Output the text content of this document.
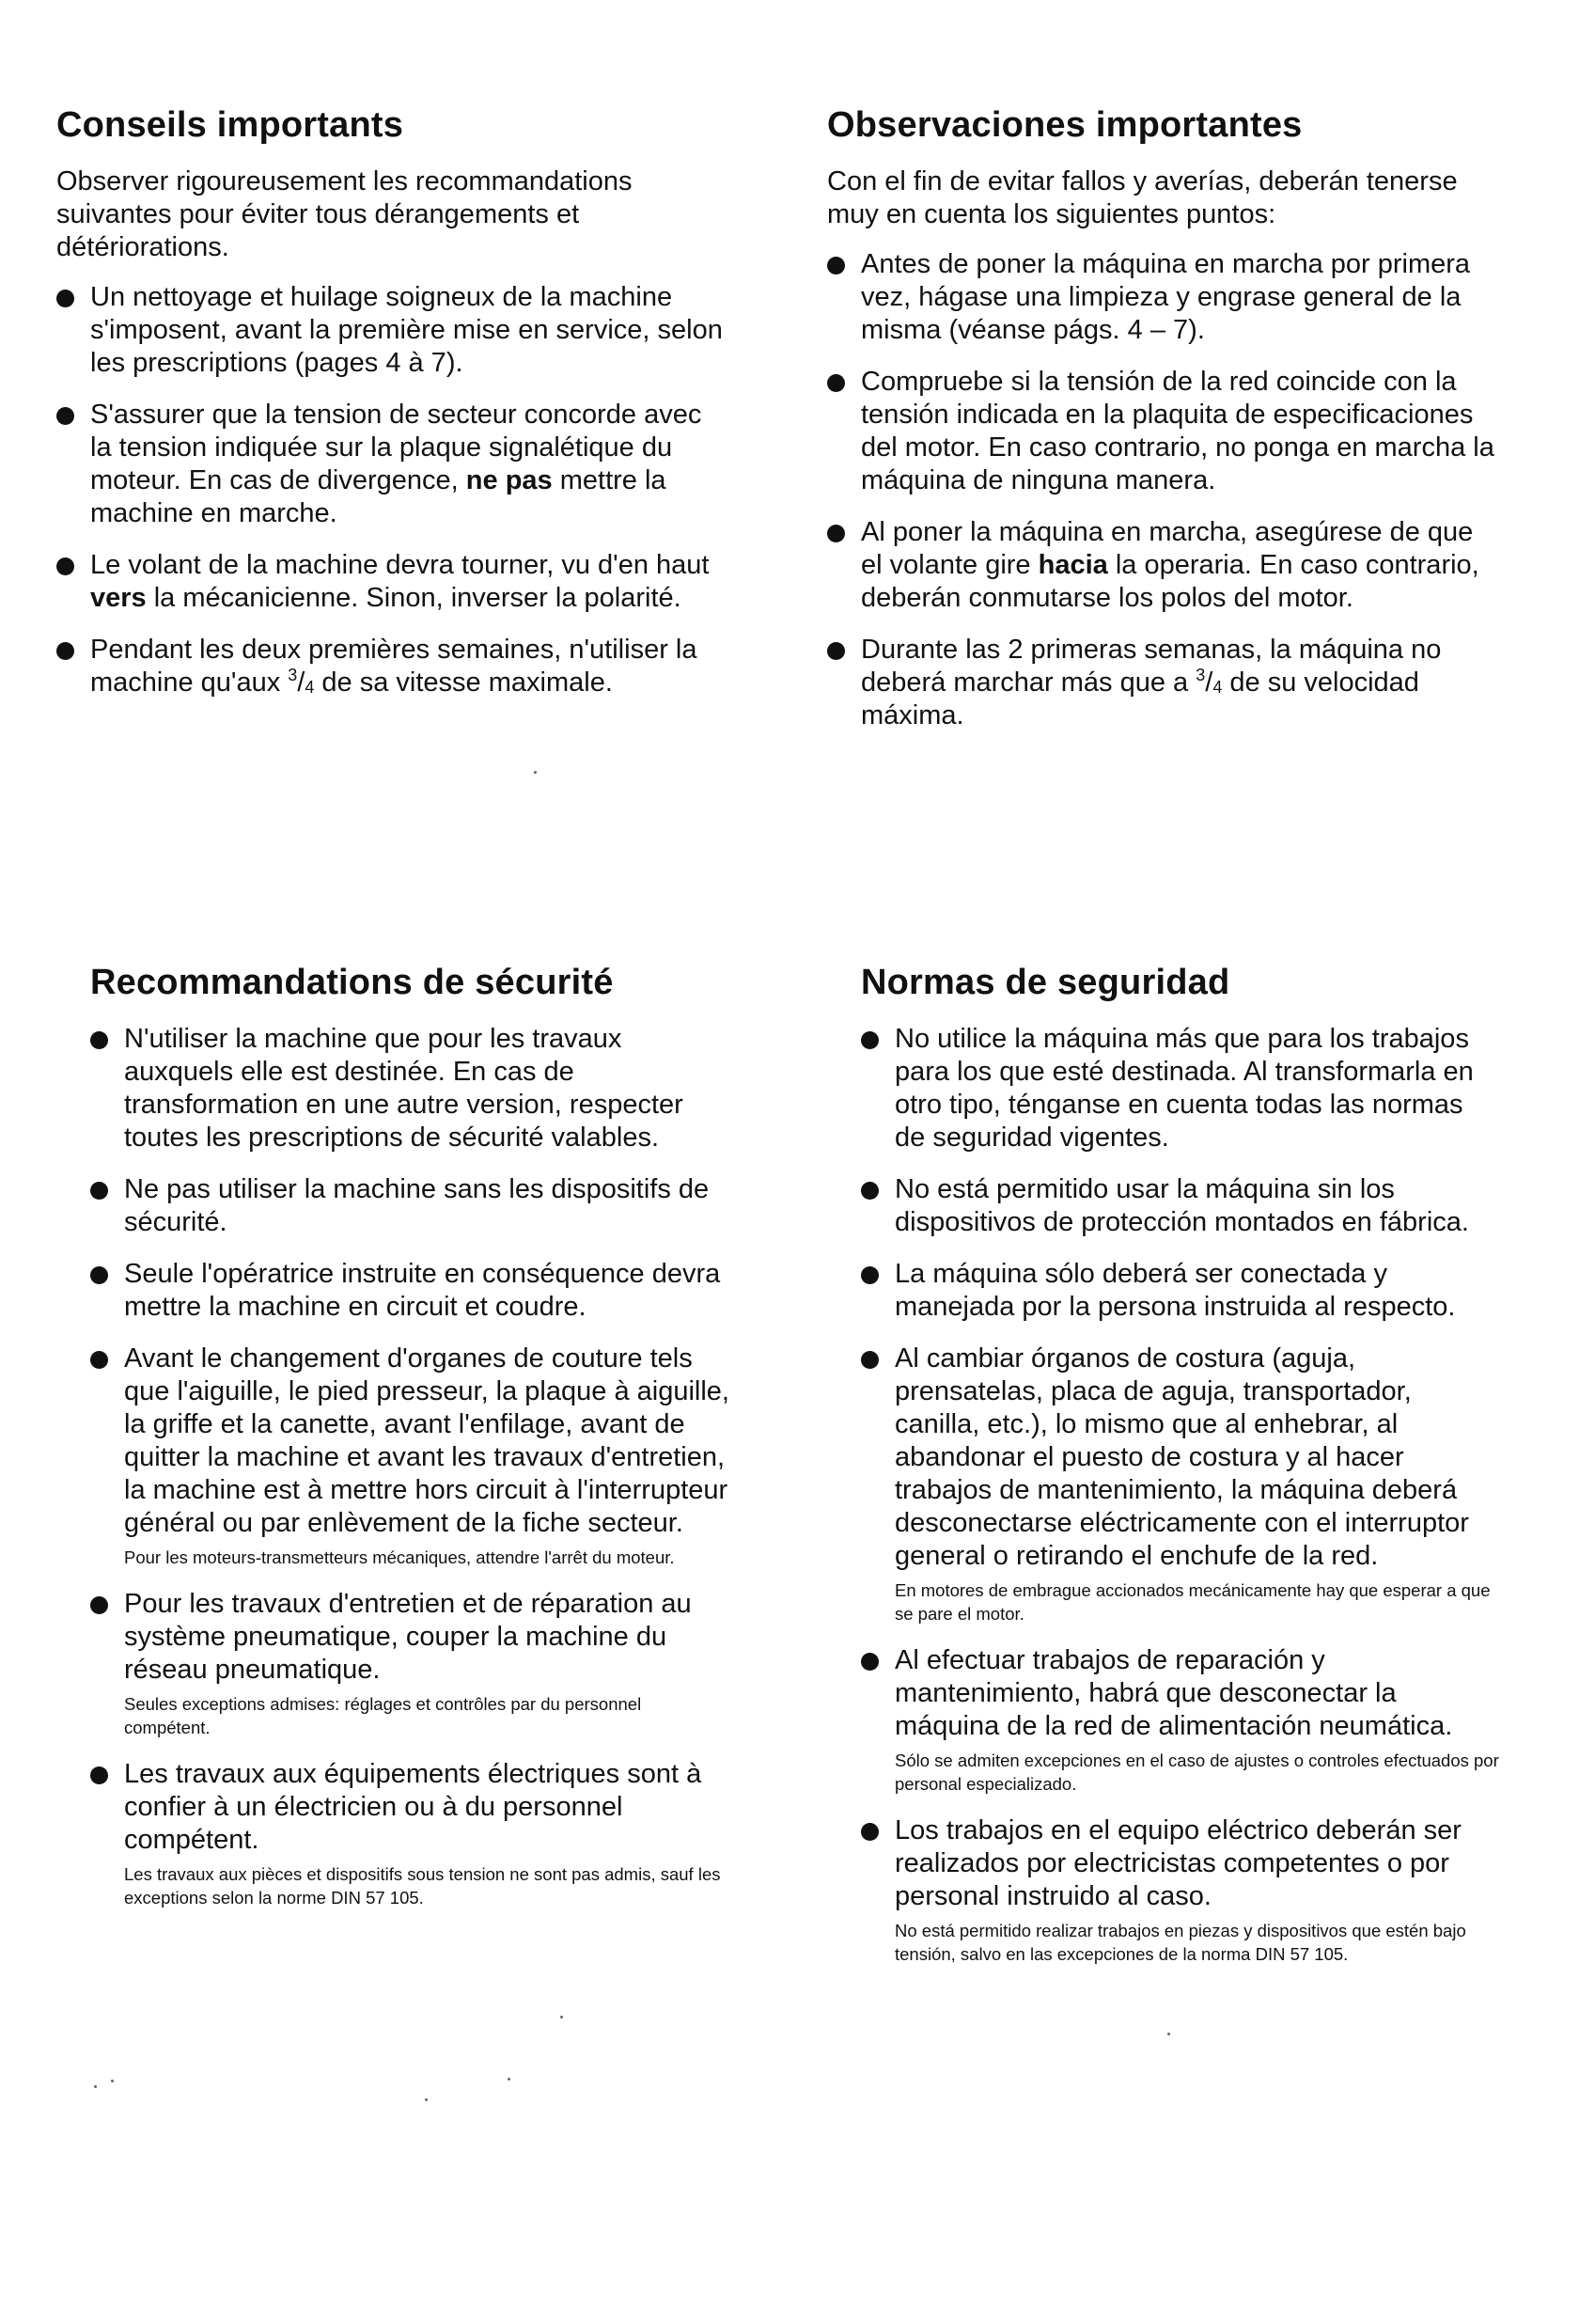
Conseils importants

Observer rigoureusement les recommandations suivantes pour éviter tous dérangements et détériorations.

Un nettoyage et huilage soigneux de la machine s'imposent, avant la première mise en service, selon les prescriptions (pages 4 à 7).
S'assurer que la tension de secteur concorde avec la tension indiquée sur la plaque signalétique du moteur. En cas de divergence, ne pas mettre la machine en marche.
Le volant de la machine devra tourner, vu d'en haut vers la mécanicienne. Sinon, inverser la polarité.
Pendant les deux premières semaines, n'utiliser la machine qu'aux $^3/_4$ de sa vitesse maximale.
Observaciones importantes

Con el fin de evitar fallos y averías, deberán tenerse muy en cuenta los siguientes puntos:

Antes de poner la máquina en marcha por primera vez, hágase una limpieza y engrase general de la misma (véanse págs. 4 – 7).
Compruebe si la tensión de la red coincide con la tensión indicada en la plaquita de especificaciones del motor. En caso contrario, no ponga en marcha la máquina de ninguna manera.
Al poner la máquina en marcha, asegúrese de que el volante gire hacia la operaria. En caso contrario, deberán conmutarse los polos del motor.
Durante las 2 primeras semanas, la máquina no deberá marchar más que a $^3/_4$ de su velocidad máxima.
Recommandations de sécurité
N'utiliser la machine que pour les travaux auxquels elle est destinée. En cas de transformation en une autre version, respecter toutes les prescriptions de sécurité valables.
Ne pas utiliser la machine sans les dispositifs de sécurité.
Seule l'opératrice instruite en conséquence devra mettre la machine en circuit et coudre.
Avant le changement d'organes de couture tels que l'aiguille, le pied presseur, la plaque à aiguille, la griffe et la canette, avant l'enfilage, avant de quitter la machine et avant les travaux d'entretien, la machine est à mettre hors circuit à l'interrupteur général ou par enlèvement de la fiche secteur.
Pour les moteurs-transmetteurs mécaniques, attendre l'arrêt du moteur.
Pour les travaux d'entretien et de réparation au système pneumatique, couper la machine du réseau pneumatique.
Seules exceptions admises: réglages et contrôles par du personnel compétent.
Les travaux aux équipements électriques sont à confier à un électricien ou à du personnel compétent.
Les travaux aux pièces et dispositifs sous tension ne sont pas admis, sauf les exceptions selon la norme DIN 57 105.
Normas de seguridad
No utilice la máquina más que para los trabajos para los que esté destinada. Al transformarla en otro tipo, ténganse en cuenta todas las normas de seguridad vigentes.
No está permitido usar la máquina sin los dispositivos de protección montados en fábrica.
La máquina sólo deberá ser conectada y manejada por la persona instruida al respecto.
Al cambiar órganos de costura (aguja, prensatelas, placa de aguja, transportador, canilla, etc.), lo mismo que al enhebrar, al abandonar el puesto de costura y al hacer trabajos de mantenimiento, la máquina deberá desconectarse eléctricamente con el interruptor general o retirando el enchufe de la red.
En motores de embrague accionados mecánicamente hay que esperar a que se pare el motor.
Al efectuar trabajos de reparación y mantenimiento, habrá que desconectar la máquina de la red de alimentación neumática.
Sólo se admiten excepciones en el caso de ajustes o controles efectuados por personal especializado.
Los trabajos en el equipo eléctrico deberán ser realizados por electricistas competentes o por personal instruido al caso.
No está permitido realizar trabajos en piezas y dispositivos que estén bajo tensión, salvo en las excepciones de la norma DIN 57 105.
